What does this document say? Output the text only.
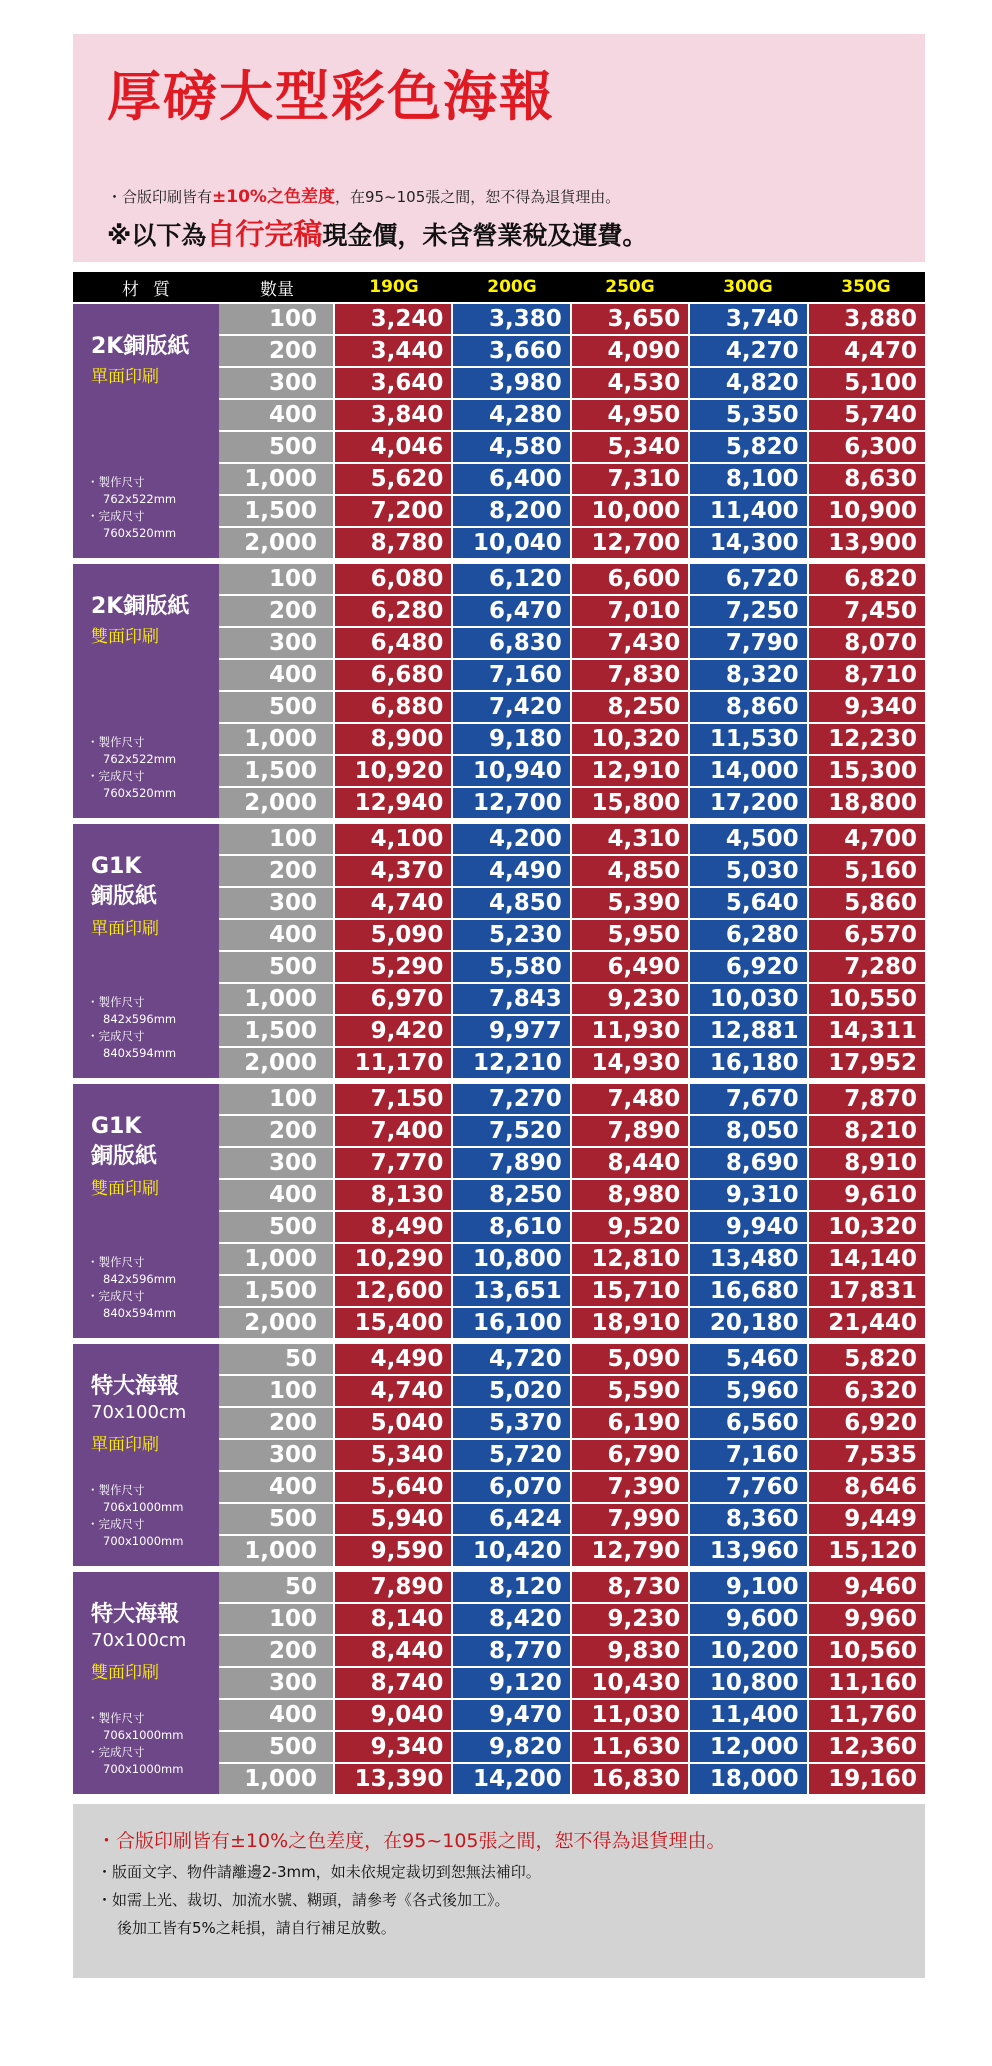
厚磅大型彩色海報
・合版印刷皆有±10%之色差度，在95~105張之間，恕不得為退貨理由。
※以下為自行完稿現金價，未含營業稅及運費。
材質	數量	190G	200G	250G	300G	350G
2K銅版紙
單面印刷
・製作尺寸
762x522mm
・完成尺寸
760x520mm
100	3,240	3,380	3,650	3,740	3,880
200	3,440	3,660	4,090	4,270	4,470
300	3,640	3,980	4,530	4,820	5,100
400	3,840	4,280	4,950	5,350	5,740
500	4,046	4,580	5,340	5,820	6,300
1,000	5,620	6,400	7,310	8,100	8,630
1,500	7,200	8,200	10,000	11,400	10,900
2,000	8,780	10,040	12,700	14,300	13,900
2K銅版紙
雙面印刷
・製作尺寸
762x522mm
・完成尺寸
760x520mm
100	6,080	6,120	6,600	6,720	6,820
200	6,280	6,470	7,010	7,250	7,450
300	6,480	6,830	7,430	7,790	8,070
400	6,680	7,160	7,830	8,320	8,710
500	6,880	7,420	8,250	8,860	9,340
1,000	8,900	9,180	10,320	11,530	12,230
1,500	10,920	10,940	12,910	14,000	15,300
2,000	12,940	12,700	15,800	17,200	18,800
G1K
銅版紙
單面印刷
・製作尺寸
842x596mm
・完成尺寸
840x594mm
100	4,100	4,200	4,310	4,500	4,700
200	4,370	4,490	4,850	5,030	5,160
300	4,740	4,850	5,390	5,640	5,860
400	5,090	5,230	5,950	6,280	6,570
500	5,290	5,580	6,490	6,920	7,280
1,000	6,970	7,843	9,230	10,030	10,550
1,500	9,420	9,977	11,930	12,881	14,311
2,000	11,170	12,210	14,930	16,180	17,952
G1K
銅版紙
雙面印刷
・製作尺寸
842x596mm
・完成尺寸
840x594mm
100	7,150	7,270	7,480	7,670	7,870
200	7,400	7,520	7,890	8,050	8,210
300	7,770	7,890	8,440	8,690	8,910
400	8,130	8,250	8,980	9,310	9,610
500	8,490	8,610	9,520	9,940	10,320
1,000	10,290	10,800	12,810	13,480	14,140
1,500	12,600	13,651	15,710	16,680	17,831
2,000	15,400	16,100	18,910	20,180	21,440
特大海報
70x100cm
單面印刷
・製作尺寸
706x1000mm
・完成尺寸
700x1000mm
50	4,490	4,720	5,090	5,460	5,820
100	4,740	5,020	5,590	5,960	6,320
200	5,040	5,370	6,190	6,560	6,920
300	5,340	5,720	6,790	7,160	7,535
400	5,640	6,070	7,390	7,760	8,646
500	5,940	6,424	7,990	8,360	9,449
1,000	9,590	10,420	12,790	13,960	15,120
特大海報
70x100cm
雙面印刷
・製作尺寸
706x1000mm
・完成尺寸
700x1000mm
50	7,890	8,120	8,730	9,100	9,460
100	8,140	8,420	9,230	9,600	9,960
200	8,440	8,770	9,830	10,200	10,560
300	8,740	9,120	10,430	10,800	11,160
400	9,040	9,470	11,030	11,400	11,760
500	9,340	9,820	11,630	12,000	12,360
1,000	13,390	14,200	16,830	18,000	19,160
・合版印刷皆有±10%之色差度，在95~105張之間，恕不得為退貨理由。
・版面文字、物件請離邊2-3mm，如未依規定裁切到恕無法補印。
・如需上光、裁切、加流水號、糊頭，請參考《各式後加工》。
後加工皆有5%之耗損，請自行補足放數。
